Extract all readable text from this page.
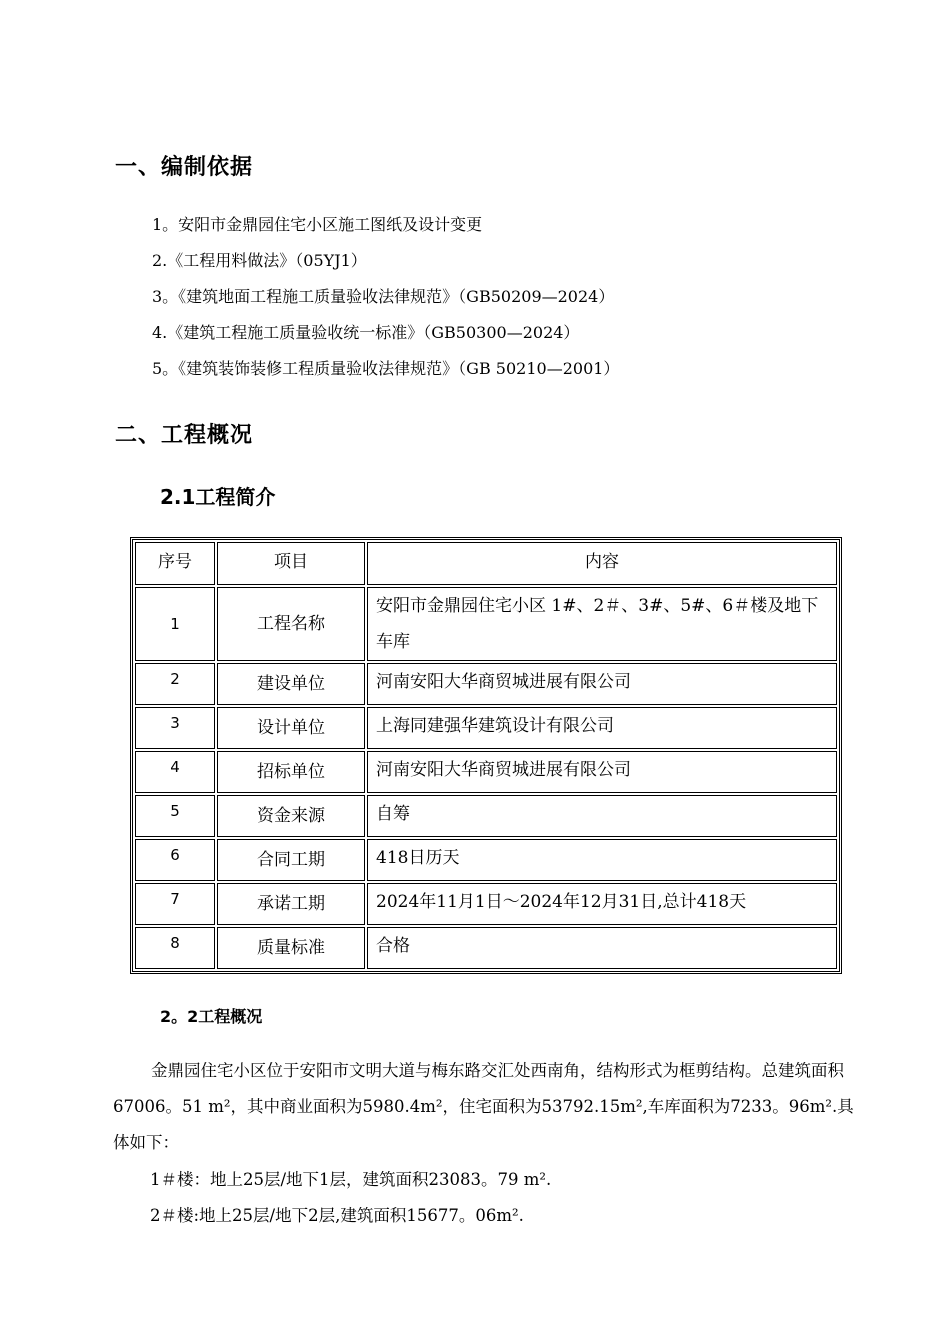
一、编制依据
1。安阳市金鼎园住宅小区施工图纸及设计变更
2.《工程用料做法》（05YJ1）
3。《建筑地面工程施工质量验收法律规范》（GB50209—2024）
4.《建筑工程施工质量验收统一标准》（GB50300—2024）
5。《建筑装饰装修工程质量验收法律规范》（GB 50210—2001）
二、工程概况
2.1工程简介
序号	项目	内容
1	工程名称	安阳市金鼎园住宅小区 1#、2＃、3#、5#、6＃楼及地下车库
2	建设单位	河南安阳大华商贸城进展有限公司
3	设计单位	上海同建强华建筑设计有限公司
4	招标单位	河南安阳大华商贸城进展有限公司
5	资金来源	自筹
6	合同工期	418日历天
7	承诺工期	2024年11月1日～2024年12月31日,总计418天
8	质量标准	合格
2。2工程概况

金鼎园住宅小区位于安阳市文明大道与梅东路交汇处西南角，结构形式为框剪结构。总建筑面积67006。51 m²，其中商业面积为5980.4m²，住宅面积为53792.15m²,车库面积为7233。96m².具体如下：

1＃楼：地上25层/地下1层，建筑面积23083。79 m².
2＃楼:地上25层/地下2层,建筑面积15677。06m².
